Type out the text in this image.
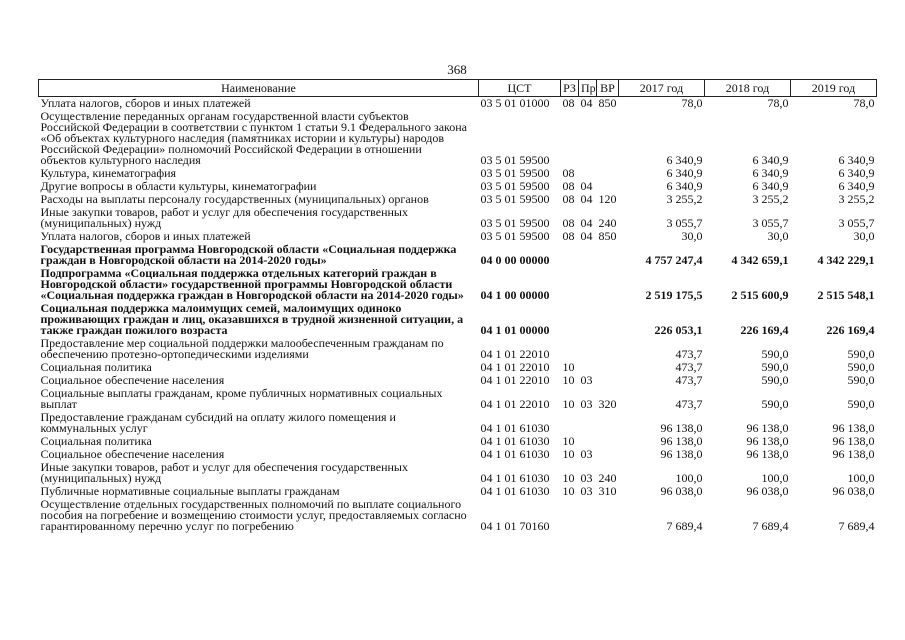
368
Наименование	ЦСТ	РЗ	Пр	ВР	2017 год	2018 год	2019 год
Уплата налогов, сборов и иных платежей	03 5 01 01000	08	04	850	78,0	78,0	78,0
Осуществление переданных органам государственной власти субъектов Российской Федерации в соответствии с пунктом 1 статьи 9.1 Федерального закона «Об объектах культурного наследия (памятниках истории и культуры) народов Российской Федерации» полномочий Российской Федерации в отношении объектов культурного наследия	03 5 01 59500				6 340,9	6 340,9	6 340,9
Культура, кинематография	03 5 01 59500	08			6 340,9	6 340,9	6 340,9
Другие вопросы в области культуры, кинематографии	03 5 01 59500	08	04		6 340,9	6 340,9	6 340,9
Расходы на выплаты персоналу государственных (муниципальных) органов	03 5 01 59500	08	04	120	3 255,2	3 255,2	3 255,2
Иные закупки товаров, работ и услуг для обеспечения государственных (муниципальных) нужд	03 5 01 59500	08	04	240	3 055,7	3 055,7	3 055,7
Уплата налогов, сборов и иных платежей	03 5 01 59500	08	04	850	30,0	30,0	30,0
Государственная программа Новгородской области «Социальная поддержка граждан в Новгородской области на 2014-2020 годы»	04 0 00 00000				4 757 247,4	4 342 659,1	4 342 229,1
Подпрограмма «Социальная поддержка отдельных категорий граждан в Новгородской области» государственной программы Новгородской области «Социальная поддержка граждан в Новгородской области на 2014-2020 годы»	04 1 00 00000				2 519 175,5	2 515 600,9	2 515 548,1
Социальная поддержка малоимущих семей, малоимущих одиноко проживающих граждан и лиц, оказавшихся в трудной жизненной ситуации, а также граждан пожилого возраста	04 1 01 00000				226 053,1	226 169,4	226 169,4
Предоставление мер социальной поддержки малообеспеченным гражданам по обеспечению протезно-ортопедическими изделиями	04 1 01 22010				473,7	590,0	590,0
Социальная политика	04 1 01 22010	10			473,7	590,0	590,0
Социальное обеспечение населения	04 1 01 22010	10	03		473,7	590,0	590,0
Социальные выплаты гражданам, кроме публичных нормативных социальных выплат	04 1 01 22010	10	03	320	473,7	590,0	590,0
Предоставление гражданам субсидий на оплату жилого помещения и коммунальных услуг	04 1 01 61030				96 138,0	96 138,0	96 138,0
Социальная политика	04 1 01 61030	10			96 138,0	96 138,0	96 138,0
Социальное обеспечение населения	04 1 01 61030	10	03		96 138,0	96 138,0	96 138,0
Иные закупки товаров, работ и услуг для обеспечения государственных (муниципальных) нужд	04 1 01 61030	10	03	240	100,0	100,0	100,0
Публичные нормативные социальные выплаты гражданам	04 1 01 61030	10	03	310	96 038,0	96 038,0	96 038,0
Осуществление отдельных государственных полномочий по выплате социального пособия на погребение и возмещению стоимости услуг, предоставляемых согласно гарантированному перечню услуг по погребению	04 1 01 70160				7 689,4	7 689,4	7 689,4
